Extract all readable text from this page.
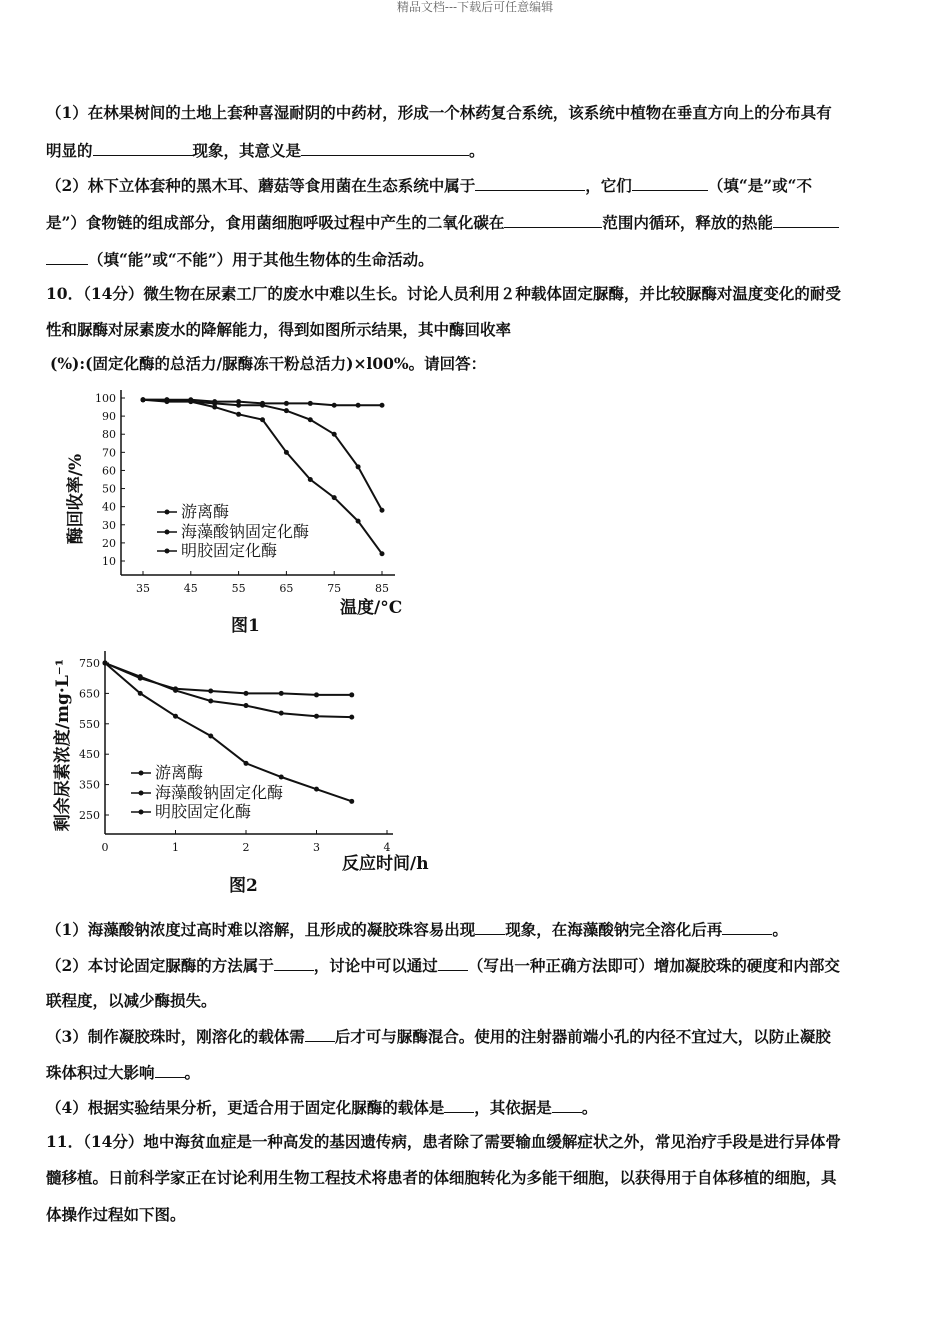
精品文档---下载后可任意编辑
（1）在林果树间的土地上套种喜湿耐阴的中药材，形成一个林药复合系统，该系统中植物在垂直方向上的分布具有
明显的	现象，其意义是	。
（2）林下立体套种的黑木耳、蘑菇等食用菌在生态系统中属于	，它们	（填“是”或“不
是”）食物链的组成部分，食用菌细胞呼吸过程中产生的二氧化碳在	范围内循环，释放的热能
（填“能”或“不能”）用于其他生物体的生命活动。
10．（14分）微生物在尿素工厂的废水中难以生长。讨论人员利用２种载体固定脲酶，并比较脲酶对温度变化的耐受
性和脲酶对尿素废水的降解能力，得到如图所示结果，其中酶回收率
(%):(固定化酶的总活力/脲酶冻干粉总活力)×l00%。请回答：
酶回收率/%
10
20
30
40
50
60
70
80
90
100
35	45	55	65	75	85
游离酶
海藻酸钠固定化酶
明胶固定化酶
温度/°C
图1
剩余尿素浓度/mg·L⁻¹ 250
350
450
550
650
750
0	1	2	3	4
游离酶
海藻酸钠固定化酶
明胶固定化酶
反应时间/h
图2
（1）海藻酸钠浓度过高时难以溶解，且形成的凝胶珠容易出现 现象，在海藻酸钠完全溶化后再	。
（2）本讨论固定脲酶的方法属于	，讨论中可以通过 （写出一种正确方法即可）增加凝胶珠的硬度和内部交
联程度，以减少酶损失。
（3）制作凝胶珠时，刚溶化的载体需 后才可与脲酶混合。使用的注射器前端小孔的内径不宜过大，以防止凝胶
珠体积过大影响 。
（4）根据实验结果分析，更适合用于固定化脲酶的载体是 ，其依据是 。
11．（14分）地中海贫血症是一种高发的基因遗传病，患者除了需要输血缓解症状之外，常见治疗手段是进行异体骨
髓移植。日前科学家正在讨论利用生物工程技术将患者的体细胞转化为多能干细胞，以获得用于自体移植的细胞，具
体操作过程如下图。
